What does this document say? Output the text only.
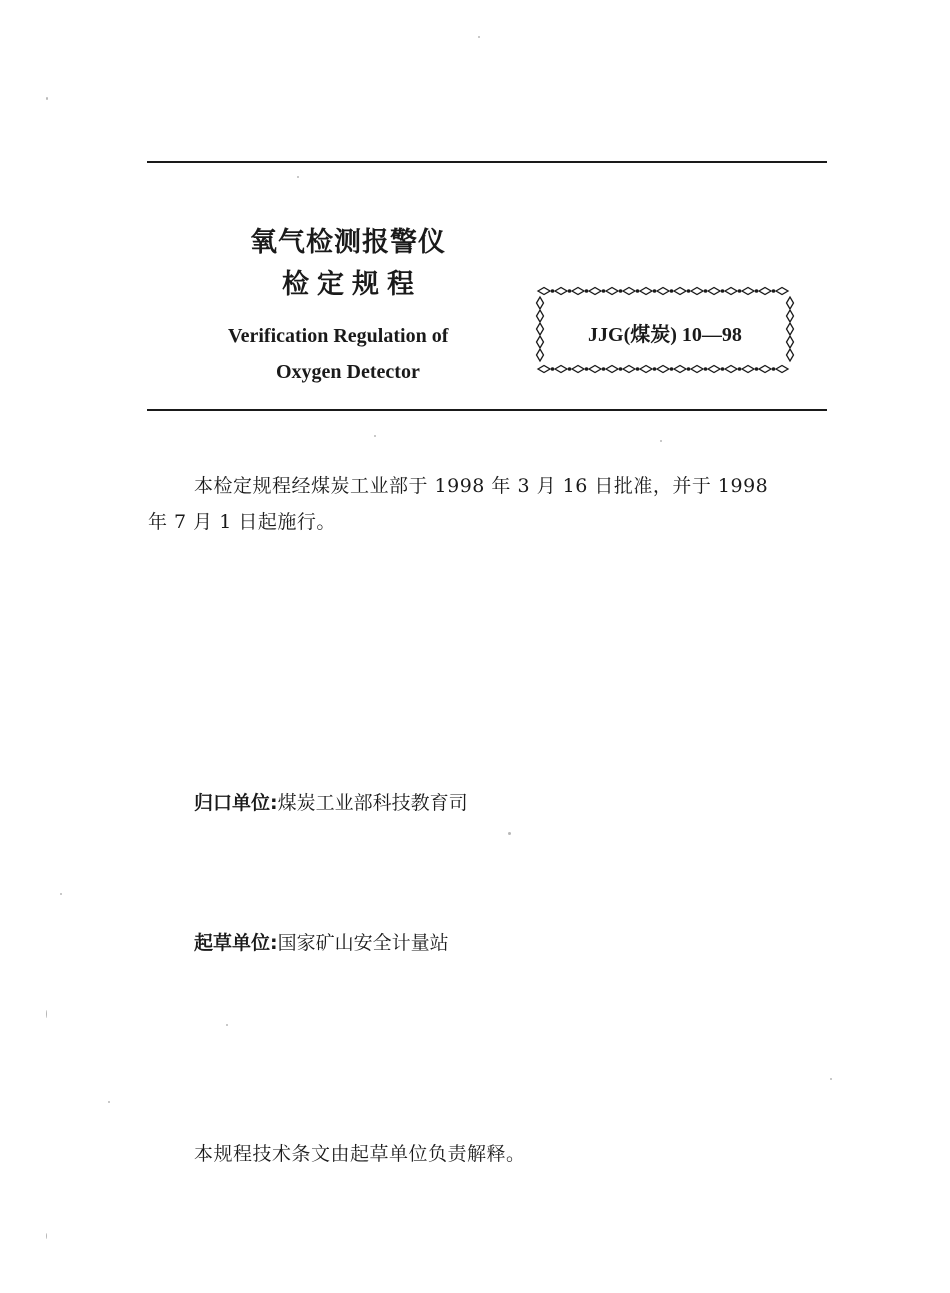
氧气检测报警仪
检定规程
Verification Regulation of
Oxygen Detector
JJG(煤炭) 10—98
本检定规程经煤炭工业部于 1998 年 3 月 16 日批准，并于 1998
年 7 月 1 日起施行。
归口单位:煤炭工业部科技教育司
起草单位:国家矿山安全计量站
本规程技术条文由起草单位负责解释。
